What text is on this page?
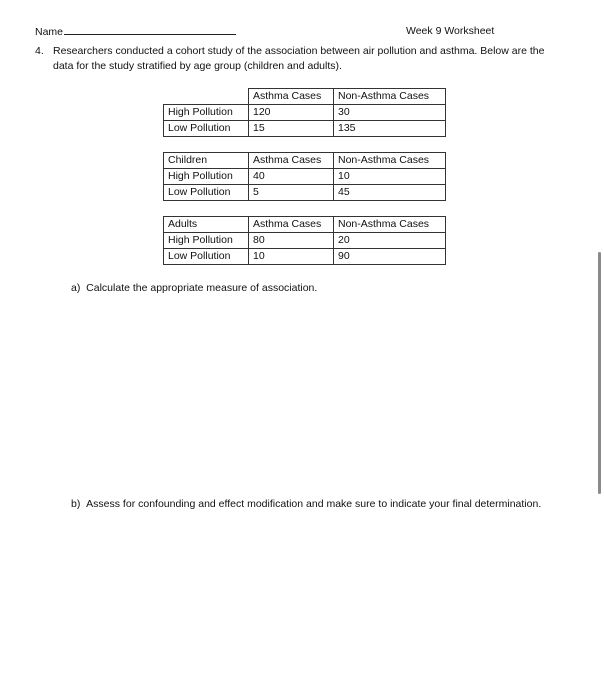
Name	Week 9 Worksheet
4. Researchers conducted a cohort study of the association between air pollution and asthma. Below are the
data for the study stratified by age group (children and adults).
	Asthma Cases	Non-Asthma Cases
High Pollution	120	30
Low Pollution	15	135
Children	Asthma Cases	Non-Asthma Cases
High Pollution	40	10
Low Pollution	5	45
Adults	Asthma Cases	Non-Asthma Cases
High Pollution	80	20
Low Pollution	10	90
a)  Calculate the appropriate measure of association.
b)  Assess for confounding and effect modification and make sure to indicate your final determination.
